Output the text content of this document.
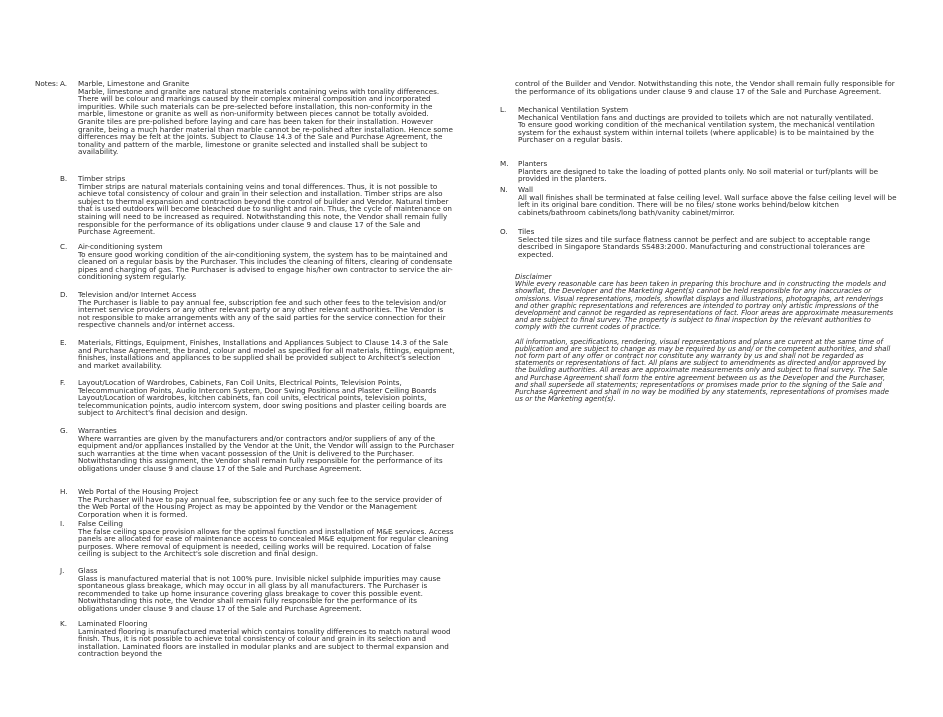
Notes: A. Marble, Limestone and Granite
Marble, limestone and granite are natural stone materials containing veins with tonality differences. There will be colour and markings caused by their complex mineral composition and incorporated impurities. While such materials can be pre-selected before installation, this non-conformity in the marble, limestone or granite as well as non-uniformity between pieces cannot be totally avoided. Granite tiles are pre-polished before laying and care has been taken for their installation. However granite, being a much harder material than marble cannot be re-polished after installation. Hence some differences may be felt at the joints. Subject to Clause 14.3 of the Sale and Purchase Agreement, the tonality and pattern of the marble, limestone or granite selected and installed shall be subject to availability.
B. Timber strips
Timber strips are natural materials containing veins and tonal differences. Thus, it is not possible to achieve total consistency of colour and grain in their selection and installation. Timber strips are also subject to thermal expansion and contraction beyond the control of builder and Vendor. Natural timber that is used outdoors will become bleached due to sunlight and rain. Thus, the cycle of maintenance on staining will need to be increased as required. Notwithstanding this note, the Vendor shall remain fully responsible for the performance of its obligations under clause 9 and clause 17 of the Sale and Purchase Agreement.
C. Air-conditioning system
To ensure good working condition of the air-conditioning system, the system has to be maintained and cleaned on a regular basis by the Purchaser. This includes the cleaning of filters, clearing of condensate pipes and charging of gas. The Purchaser is advised to engage his/her own contractor to service the air-conditioning system regularly.
D. Television and/or Internet Access
The Purchaser is liable to pay annual fee, subscription fee and such other fees to the television and/or internet service providers or any other relevant party or any other relevant authorities. The Vendor is not responsible to make arrangements with any of the said parties for the service connection for their respective channels and/or internet access.
E. Materials, Fittings, Equipment, Finishes, Installations and Appliances Subject to Clause 14.3 of the Sale and Purchase Agreement, the brand, colour and model as specified for all materials, fittings, equipment, finishes, installations and appliances to be supplied shall be provided subject to Architect's selection and market availability.
F. Layout/Location of Wardrobes, Cabinets, Fan Coil Units, Electrical Points, Television Points, Telecommunication Points, Audio Intercom System, Door Swing Positions and Plaster Ceiling Boards Layout/Location of wardrobes, kitchen cabinets, fan coil units, electrical points, television points, telecommunication points, audio intercom system, door swing positions and plaster ceiling boards are subject to Architect's final decision and design.
G. Warranties
Where warranties are given by the manufacturers and/or contractors and/or suppliers of any of the equipment and/or appliances installed by the Vendor at the Unit, the Vendor will assign to the Purchaser such warranties at the time when vacant possession of the Unit is delivered to the Purchaser.
Notwithstanding this assignment, the Vendor shall remain fully responsible for the performance of its obligations under clause 9 and clause 17 of the Sale and Purchase Agreement.
H. Web Portal of the Housing Project
The Purchaser will have to pay annual fee, subscription fee or any such fee to the service provider of the Web Portal of the Housing Project as may be appointed by the Vendor or the Management Corporation when it is formed.
I. False Ceiling
The false ceiling space provision allows for the optimal function and installation of M&E services. Access panels are allocated for ease of maintenance access to concealed M&E equipment for regular cleaning purposes. Where removal of equipment is needed, ceiling works will be required. Location of false ceiling is subject to the Architect's sole discretion and final design.
J. Glass
Glass is manufactured material that is not 100% pure. Invisible nickel sulphide impurities may cause spontaneous glass breakage, which may occur in all glass by all manufacturers. The Purchaser is recommended to take up home insurance covering glass breakage to cover this possible event. Notwithstanding this note, the Vendor shall remain fully responsible for the performance of its obligations under clause 9 and clause 17 of the Sale and Purchase Agreement.
K. Laminated Flooring
Laminated flooring is manufactured material which contains tonality differences to match natural wood finish. Thus, it is not possible to achieve total consistency of colour and grain in its selection and installation. Laminated floors are installed in modular planks and are subject to thermal expansion and contraction beyond the
control of the Builder and Vendor. Notwithstanding this note, the Vendor shall remain fully responsible for the performance of its obligations under clause 9 and clause 17 of the Sale and Purchase Agreement.
L. Mechanical Ventilation System
Mechanical Ventilation fans and ductings are provided to toilets which are not naturally ventilated.
To ensure good working condition of the mechanical ventilation system, the mechanical ventilation system for the exhaust system within internal toilets (where applicable) is to be maintained by the Purchaser on a regular basis.
M. Planters
Planters are designed to take the loading of potted plants only. No soil material or turf/plants will be provided in the planters.
N. Wall
All wall finishes shall be terminated at false ceiling level. Wall surface above the false ceiling level will be left in its original bare condition. There will be no tiles/ stone works behind/below kitchen cabinets/bathroom cabinets/long bath/vanity cabinet/mirror.
O. Tiles
Selected tile sizes and tile surface flatness cannot be perfect and are subject to acceptable range described in Singapore Standards SS483:2000. Manufacturing and constructional tolerances are expected.
Disclaimer
While every reasonable care has been taken in preparing this brochure and in constructing the models and showflat, the Developer and the Marketing Agent(s) cannot be held responsible for any inaccuracies or omissions. Visual representations, models, showflat displays and illustrations, photographs, art renderings and other graphic representations and references are intended to portray only artistic impressions of the development and cannot be regarded as representations of fact. Floor areas are approximate measurements and are subject to final survey. The property is subject to final inspection by the relevant authorities to comply with the current codes of practice.
All information, specifications, rendering, visual representations and plans are current at the same time of publication and are subject to change as may be required by us and/ or the competent authorities, and shall not form part of any offer or contract nor constitute any warranty by us and shall not be regarded as statements or representations of fact. All plans are subject to amendments as directed and/or approved by the building authorities. All areas are approximate measurements only and subject to final survey. The Sale and Purchase Agreement shall form the entire agreement between us as the Developer and the Purchaser, and shall supersede all statements; representations or promises made prior to the signing of the Sale and Purchase Agreement and shall in no way be modified by any statements, representations of promises made us or the Marketing agent(s).
